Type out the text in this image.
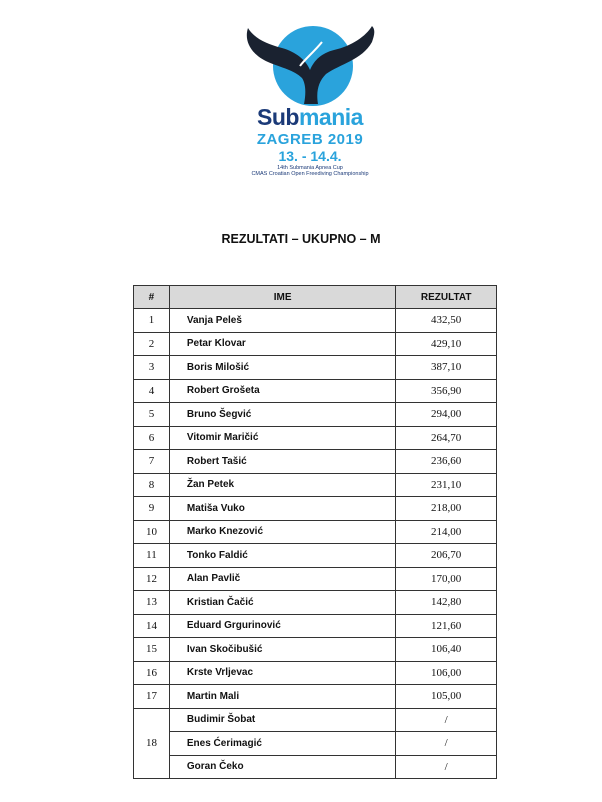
Submania
ZAGREB 2019
13. - 14.4.
14th Submania Apnea Cup
CMAS Croatian Open Freediving Championship
REZULTATI – UKUPNO – M
#	IME	REZULTAT
1	Vanja Peleš	432,50
2	Petar Klovar	429,10
3	Boris Milošić	387,10
4	Robert Grošeta	356,90
5	Bruno Šegvić	294,00
6	Vitomir Maričić	264,70
7	Robert Tašić	236,60
8	Žan Petek	231,10
9	Matiša Vuko	218,00
10	Marko Knezović	214,00
11	Tonko Faldić	206,70
12	Alan Pavlič	170,00
13	Kristian Čačić	142,80
14	Eduard Grgurinović	121,60
15	Ivan Skočibušić	106,40
16	Krste Vrljevac	106,00
17	Martin Mali	105,00
18	Budimir Šobat	/
	Enes Ćerimagić	/
	Goran Čeko	/
